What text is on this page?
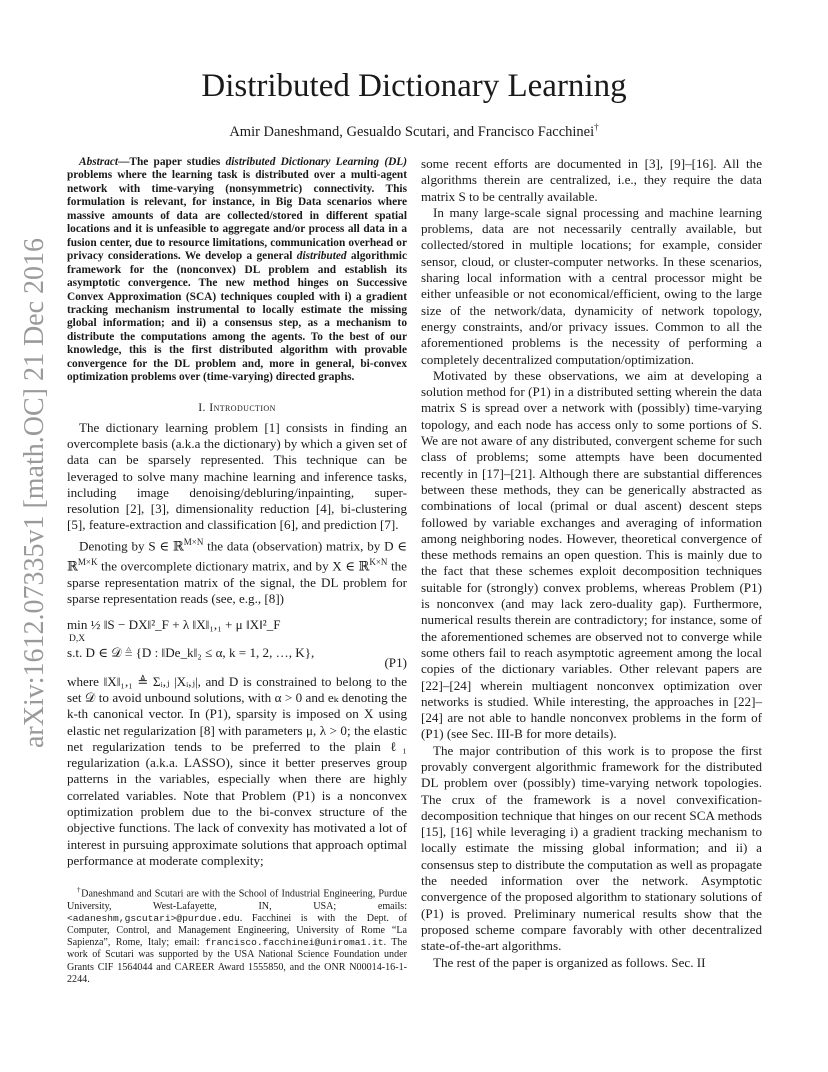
Distributed Dictionary Learning
Amir Daneshmand, Gesualdo Scutari, and Francisco Facchinei†
arXiv:1612.07335v1 [math.OC] 21 Dec 2016

Abstract—The paper studies distributed Dictionary Learning (DL) problems where the learning task is distributed over a multi-agent network with time-varying (nonsymmetric) connectivity. This formulation is relevant, for instance, in Big Data scenarios where massive amounts of data are collected/stored in different spatial locations and it is unfeasible to aggregate and/or process all data in a fusion center, due to resource limitations, communication overhead or privacy considerations. We develop a general distributed algorithmic framework for the (nonconvex) DL problem and establish its asymptotic convergence. The new method hinges on Successive Convex Approximation (SCA) techniques coupled with i) a gradient tracking mechanism instrumental to locally estimate the missing global information; and ii) a consensus step, as a mechanism to distribute the computations among the agents. To the best of our knowledge, this is the first distributed algorithm with provable convergence for the DL problem and, more in general, bi-convex optimization problems over (time-varying) directed graphs.

I. Introduction

The dictionary learning problem [1] consists in finding an overcomplete basis (a.k.a the dictionary) by which a given set of data can be sparsely represented. This technique can be leveraged to solve many machine learning and inference tasks, including image denoising/debluring/inpainting, super-resolution [2], [3], dimensionality reduction [4], bi-clustering [5], feature-extraction and classification [6], and prediction [7].

Denoting by S ∈ ℝ$^{M\times N}$ the data (observation) matrix, by D ∈ ℝ$^{M\times K}$ the overcomplete dictionary matrix, and by X ∈ ℝ$^{K\times N}$ the sparse representation matrix of the signal, the DL problem for sparse representation reads (see, e.g., [8])

min ½ ‖S − DX‖²_F + λ ‖X‖₁,₁ + μ ‖X‖²_F
D,X
s.t. D ∈ 𝒟 ≜ {D : ‖De_k‖₂ ≤ α, k = 1, 2, …, K},
(P1)

where ‖X‖₁,₁ ≜ Σᵢ,ⱼ |Xᵢ,ⱼ|, and D is constrained to belong to the set 𝒟 to avoid unbound solutions, with α > 0 and eₖ denoting the k-th canonical vector. In (P1), sparsity is imposed on X using elastic net regularization [8] with parameters μ, λ > 0; the elastic net regularization tends to be preferred to the plain ℓ₁ regularization (a.k.a. LASSO), since it better preserves group patterns in the variables, especially when there are highly correlated variables. Note that Problem (P1) is a nonconvex optimization problem due to the bi-convex structure of the objective functions. The lack of convexity has motivated a lot of interest in pursuing approximate solutions that approach optimal performance at moderate complexity;

†Daneshmand and Scutari are with the School of Industrial Engineering, Purdue University, West-Lafayette, IN, USA; emails: <adaneshm,gscutari>@purdue.edu. Facchinei is with the Dept. of Computer, Control, and Management Engineering, University of Rome “La Sapienza”, Rome, Italy; email: francisco.facchinei@uniroma1.it. The work of Scutari was supported by the USA National Science Foundation under Grants CIF 1564044 and CAREER Award 1555850, and the ONR N00014-16-1-2244.

some recent efforts are documented in [3], [9]–[16]. All the algorithms therein are centralized, i.e., they require the data matrix S to be centrally available.

In many large-scale signal processing and machine learning problems, data are not necessarily centrally available, but collected/stored in multiple locations; for example, consider sensor, cloud, or cluster-computer networks. In these scenarios, sharing local information with a central processor might be either unfeasible or not economical/efficient, owing to the large size of the network/data, dynamicity of network topology, energy constraints, and/or privacy issues. Common to all the aforementioned problems is the necessity of performing a completely decentralized computation/optimization.

Motivated by these observations, we aim at developing a solution method for (P1) in a distributed setting wherein the data matrix S is spread over a network with (possibly) time-varying topology, and each node has access only to some portions of S. We are not aware of any distributed, convergent scheme for such class of problems; some attempts have been documented recently in [17]–[21]. Although there are substantial differences between these methods, they can be generically abstracted as combinations of local (primal or dual ascent) descent steps followed by variable exchanges and averaging of information among neighboring nodes. However, theoretical convergence of these methods remains an open question. This is mainly due to the fact that these schemes exploit decomposition techniques suitable for (strongly) convex problems, whereas Problem (P1) is nonconvex (and may lack zero-duality gap). Furthermore, numerical results therein are contradictory; for instance, some of the aforementioned schemes are observed not to converge while some others fail to reach asymptotic agreement among the local copies of the dictionary variables. Other relevant papers are [22]–[24] wherein multiagent nonconvex optimization over networks is studied. While interesting, the approaches in [22]–[24] are not able to handle nonconvex problems in the form of (P1) (see Sec. III-B for more details).

The major contribution of this work is to propose the first provably convergent algorithmic framework for the distributed DL problem over (possibly) time-varying network topologies. The crux of the framework is a novel convexification-decomposition technique that hinges on our recent SCA methods [15], [16] while leveraging i) a gradient tracking mechanism to locally estimate the missing global information; and ii) a consensus step to distribute the computation as well as propagate the needed information over the network. Asymptotic convergence of the proposed algorithm to stationary solutions of (P1) is proved. Preliminary numerical results show that the proposed scheme compare favorably with other decentralized state-of-the-art algorithms.

The rest of the paper is organized as follows. Sec. II
